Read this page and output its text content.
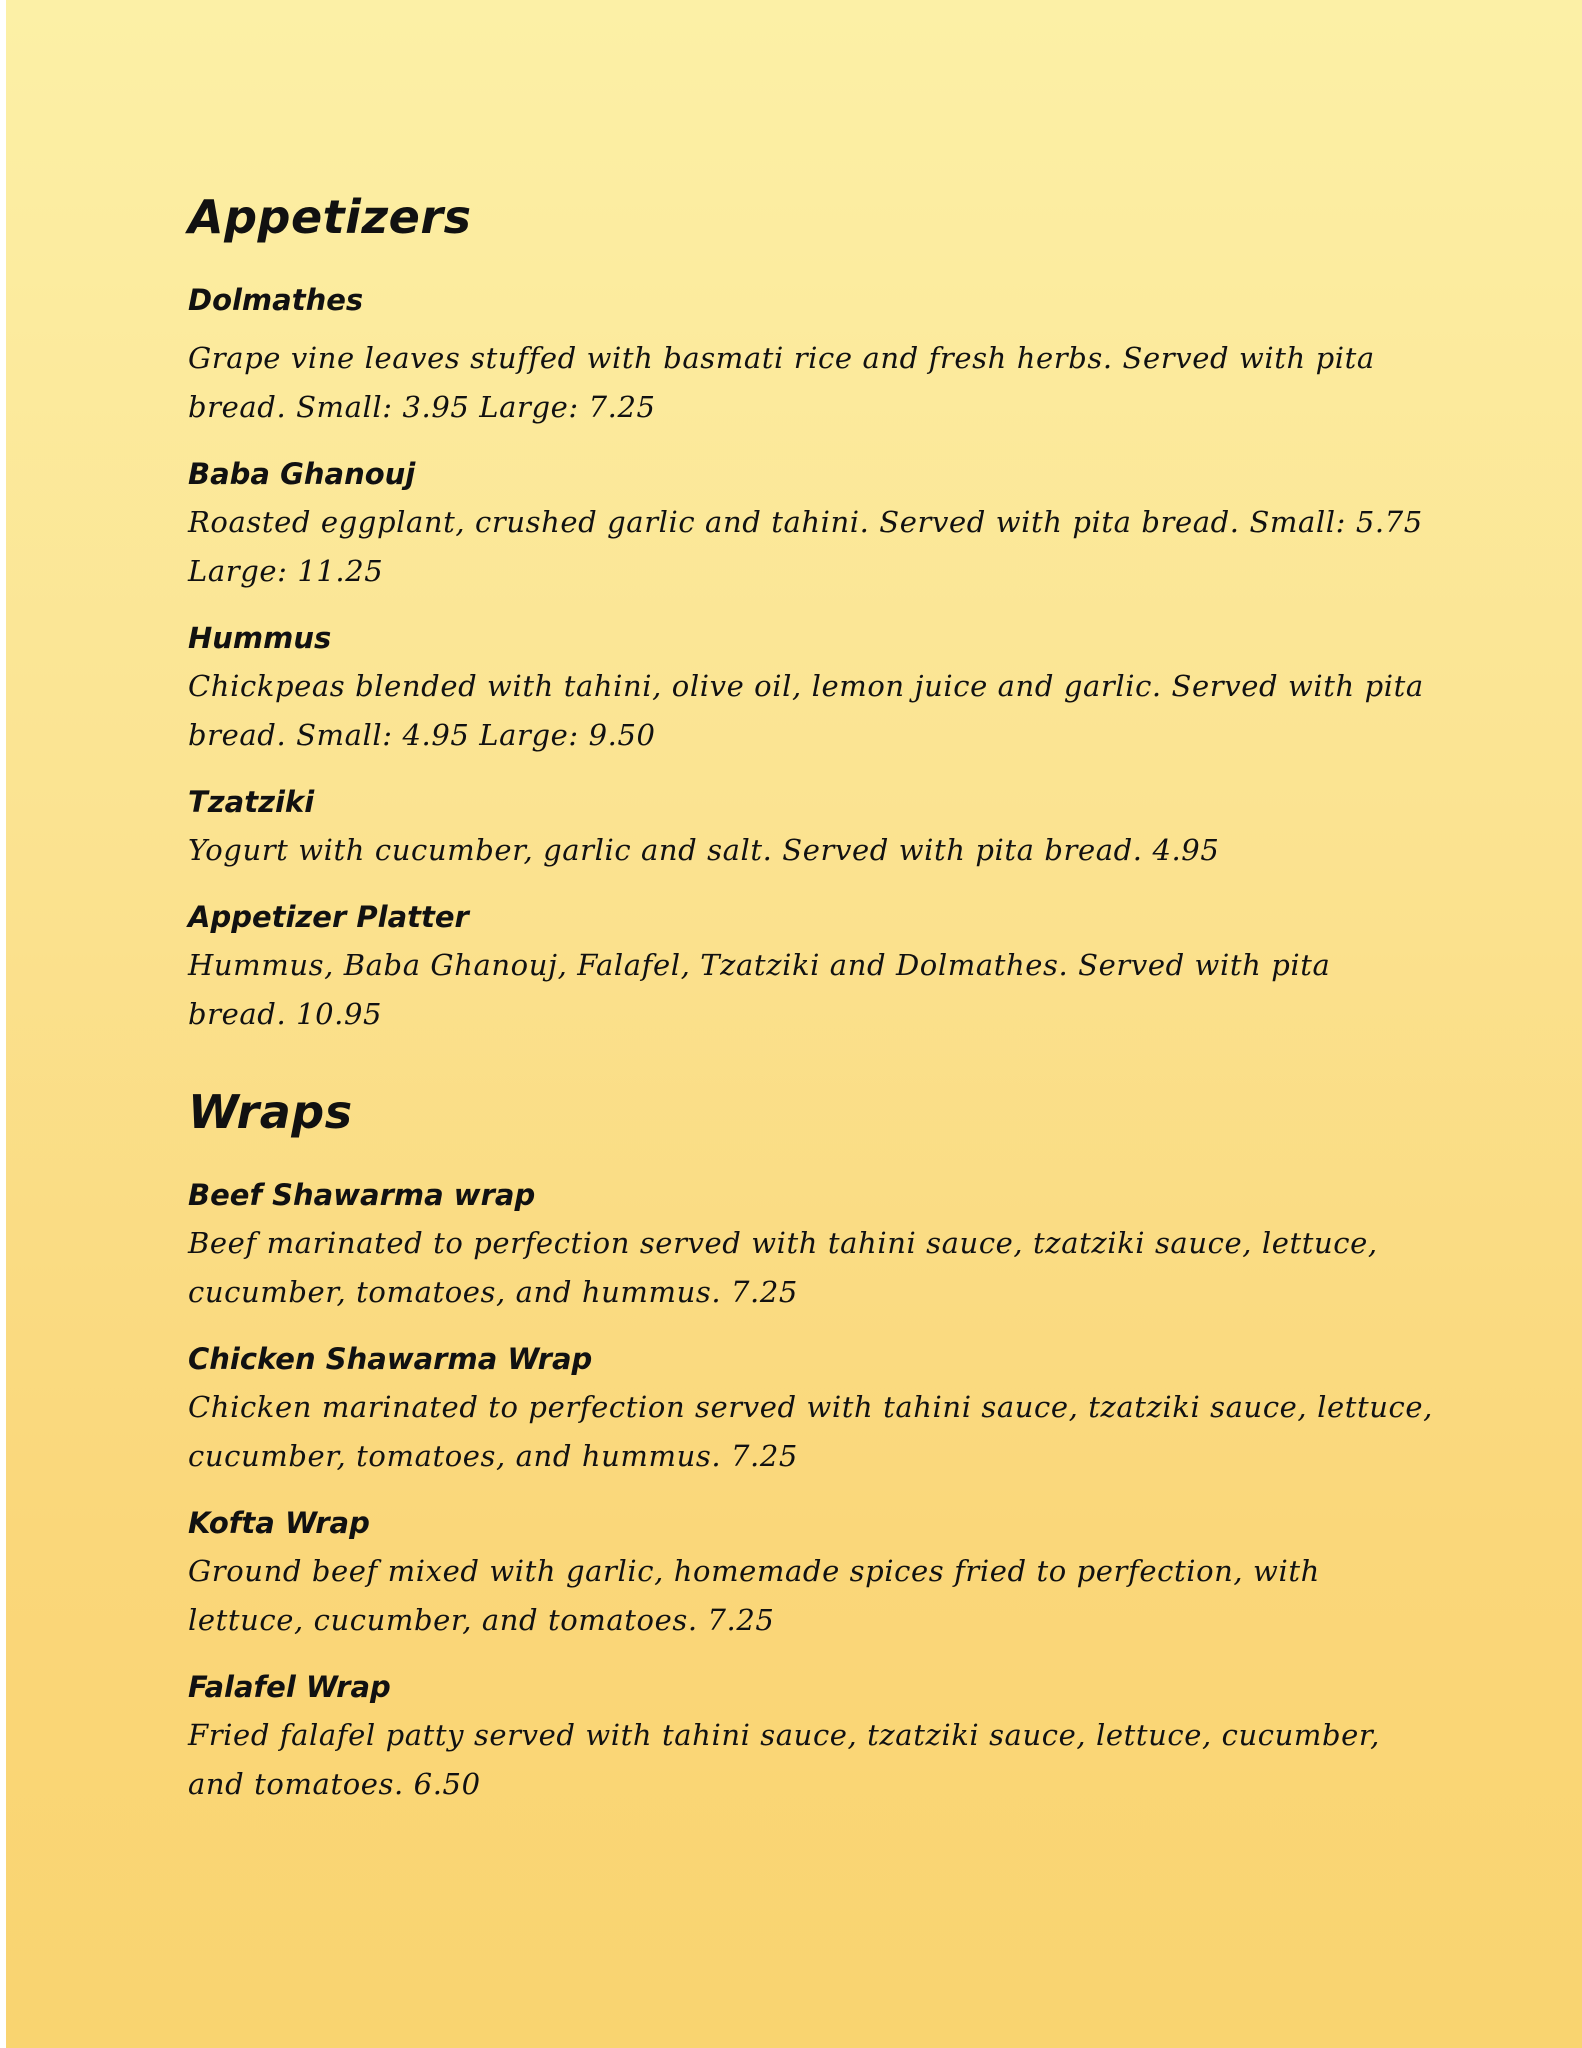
Appetizers

Dolmathes

Grape vine leaves stuffed with basmati rice and fresh herbs. Served with pita bread. Small: 3.95 Large: 7.25

Baba Ghanouj

Roasted eggplant, crushed garlic and tahini. Served with pita bread. Small: 5.75 Large: 11.25

Hummus

Chickpeas blended with tahini, olive oil, lemon juice and garlic. Served with pita bread. Small: 4.95 Large: 9.50

Tzatziki

Yogurt with cucumber, garlic and salt. Served with pita bread. 4.95

Appetizer Platter

Hummus, Baba Ghanouj, Falafel, Tzatziki and Dolmathes. Served with pita bread. 10.95

Wraps

Beef Shawarma wrap

Beef marinated to perfection served with tahini sauce, tzatziki sauce, lettuce, cucumber, tomatoes, and hummus. 7.25

Chicken Shawarma Wrap

Chicken marinated to perfection served with tahini sauce, tzatziki sauce, lettuce, cucumber, tomatoes, and hummus. 7.25

Kofta Wrap

Ground beef mixed with garlic, homemade spices fried to perfection, with lettuce, cucumber, and tomatoes. 7.25

Falafel Wrap

Fried falafel patty served with tahini sauce, tzatziki sauce, lettuce, cucumber, and tomatoes. 6.50
